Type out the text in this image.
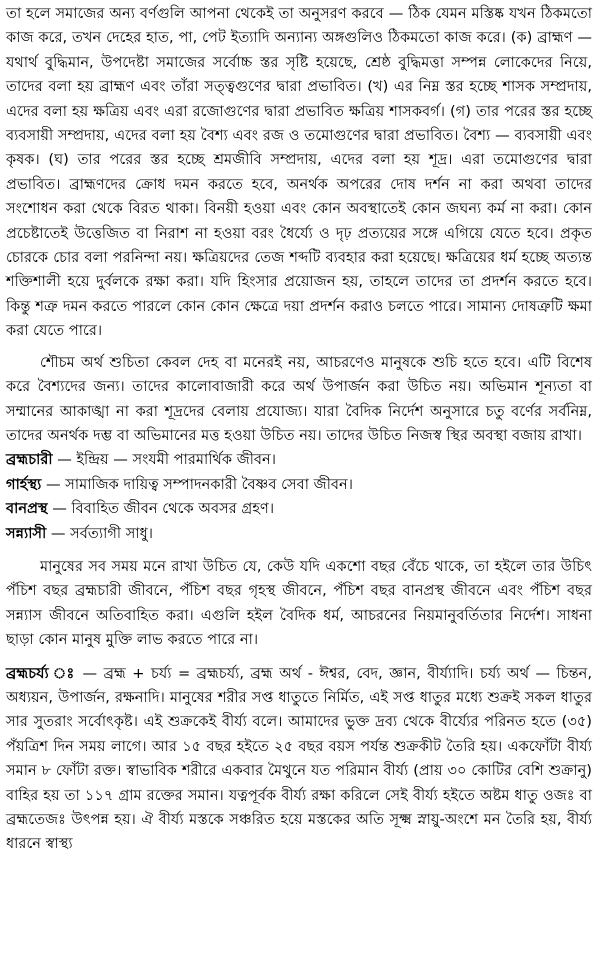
তা হলে সমাজের অন্য বর্ণগুলি আপনা থেকেই তা অনুসরণ করবে — ঠিক যেমন মস্তিষ্ক যখন ঠিকমতো কাজ করে, তখন দেহের হাত, পা, পেট ইত্যাদি অন্যান্য অঙ্গগুলিও ঠিকমতো কাজ করে। (ক) ব্রাহ্মণ — যথার্থ বুদ্ধিমান, উপদেষ্টা সমাজের সর্বোচ্চ স্তর সৃষ্টি হয়েছে, শ্রেষ্ঠ বুদ্ধিমত্তা সম্পন্ন লোকেদের নিয়ে, তাদের বলা হয় ব্রাহ্মণ এবং তাঁরা সত্ত্বগুণের দ্বারা প্রভাবিত। (খ) এর নিম্ন স্তর হচ্ছে শাসক সম্প্রদায়, এদের বলা হয় ক্ষত্রিয় এবং এরা রজোগুণের দ্বারা প্রভাবিত ক্ষত্রিয় শাসকবর্গ। (গ) তার পরের স্তর হচ্ছে ব্যবসায়ী সম্প্রদায়, এদের বলা হয় বৈশ্য এবং রজ ও তমোগুণের দ্বারা প্রভাবিত। বৈশ্য — ব্যবসায়ী এবং কৃষক। (ঘ) তার পরের স্তর হচ্ছে শ্রমজীবি সম্প্রদায়, এদের বলা হয় শূদ্র। এরা তমোগুণের দ্বারা প্রভাবিত। ব্রাহ্মণদের ক্রোধ দমন করতে হবে, অনর্থক অপরের দোষ দর্শন না করা অথবা তাদের সংশোধন করা থেকে বিরত থাকা। বিনয়ী হওয়া এবং কোন অবস্থাতেই কোন জঘন্য কর্ম না করা। কোন প্রচেষ্টাতেই উত্তেজিত বা নিরাশ না হওয়া বরং ধৈর্য্যে ও দৃঢ় প্রত্যয়ের সঙ্গে এগিয়ে যেতে হবে। প্রকৃত চোরকে চোর বলা পরনিন্দা নয়। ক্ষত্রিয়দের তেজ শব্দটি ব্যবহার করা হয়েছে। ক্ষত্রিয়ের ধর্ম হচ্ছে অত্যন্ত শক্তিশালী হয়ে দুর্বলকে রক্ষা করা। যদি হিংসার প্রয়োজন হয়, তাহলে তাদের তা প্রদর্শন করতে হবে। কিন্তু শত্রু দমন করতে পারলে কোন কোন ক্ষেত্রে দয়া প্রদর্শন করাও চলতে পারে। সামান্য দোষত্রুটি ক্ষমা করা যেতে পারে।

শৌচম অর্থ শুচিতা কেবল দেহ বা মনেরই নয়, আচরণেও মানুষকে শুচি হতে হবে। এটি বিশেষ করে বৈশ্যদের জন্য। তাদের কালোবাজারী করে অর্থ উপার্জন করা উচিত নয়। অভিমান শূন্যতা বা সম্মানের আকাঙ্খা না করা শূদ্রদের বেলায় প্রযোজ্য। যারা বৈদিক নির্দেশ অনুসারে চতু বর্ণের সর্বনিম্ন, তাদের অনর্থক দম্ভ বা অভিমানের মত্ত হওয়া উচিত নয়। তাদের উচিত নিজস্ব স্থির অবস্থা বজায় রাখা।

ব্রহ্মচারী — ইন্দ্রিয় — সংযমী পারমার্থিক জীবন।

গার্হস্থ্য — সামাজিক দায়িত্ব সম্পাদনকারী বৈষ্ণব সেবা জীবন।

বানপ্রস্থ — বিবাহিত জীবন থেকে অবসর গ্রহণ।

সন্ন্যাসী — সর্বত্যাগী সাধু।

মানুষের সব সময় মনে রাখা উচিত যে, কেউ যদি একশো বছর বেঁচে থাকে, তা হইলে তার উচিৎ পঁচিশ বছর ব্রহ্মচারী জীবনে, পঁচিশ বছর গৃহস্থ জীবনে, পঁচিশ বছর বানপ্রস্থ জীবনে এবং পঁচিশ বছর সন্ন্যাস জীবনে অতিবাহিত করা। এগুলি হইল বৈদিক ধর্ম, আচরনের নিয়মানুবর্তিতার নির্দেশ। সাধনা ছাড়া কোন মানুষ মুক্তি লাভ করতে পারে না।

ব্রহ্মচর্য্য ঃ — ব্রহ্ম + চর্য্য = ব্রহ্মচর্য্য, ব্রহ্ম অর্থ - ঈশ্বর, বেদ, জ্ঞান, বীর্য্যাদি। চর্য্য অর্থ — চিন্তন, অধ্যয়ন, উপার্জন, রক্ষনাদি। মানুষের শরীর সপ্ত ধাতুতে নির্মিত, এই সপ্ত ধাতুর মধ্যে শুক্রই সকল ধাতুর সার সুতরাং সর্বোৎকৃষ্ট। এই শুক্রকেই বীর্য্য বলে। আমাদের ভুক্ত দ্রব্য থেকে বীর্য্যের পরিনত হতে (৩৫) পঁয়ত্রিশ দিন সময় লাগে। আর ১৫ বছর হইতে ২৫ বছর বয়স পর্যন্ত শুক্রকীট তৈরি হয়। একফোঁটা বীর্য্য সমান ৮ ফোঁটা রক্ত। স্বাভাবিক শরীরে একবার মৈথুনে যত পরিমান বীর্য্য (প্রায় ৩০ কোটির বেশি শুক্রানু) বাহির হয় তা ১১৭ গ্রাম রক্তের সমান। যত্নপূর্বক বীর্য্য রক্ষা করিলে সেই বীর্য্য হইতে অষ্টম ধাতু ওজঃ বা ব্রহ্মতেজঃ উৎপন্ন হয়। ঐ বীর্য্য মস্তকে সঞ্চরিত হয়ে মস্তকের অতি সূক্ষ্ম স্নায়ু-অংশে মন তৈরি হয়, বীর্য্য ধারনে স্বাস্থ্য
